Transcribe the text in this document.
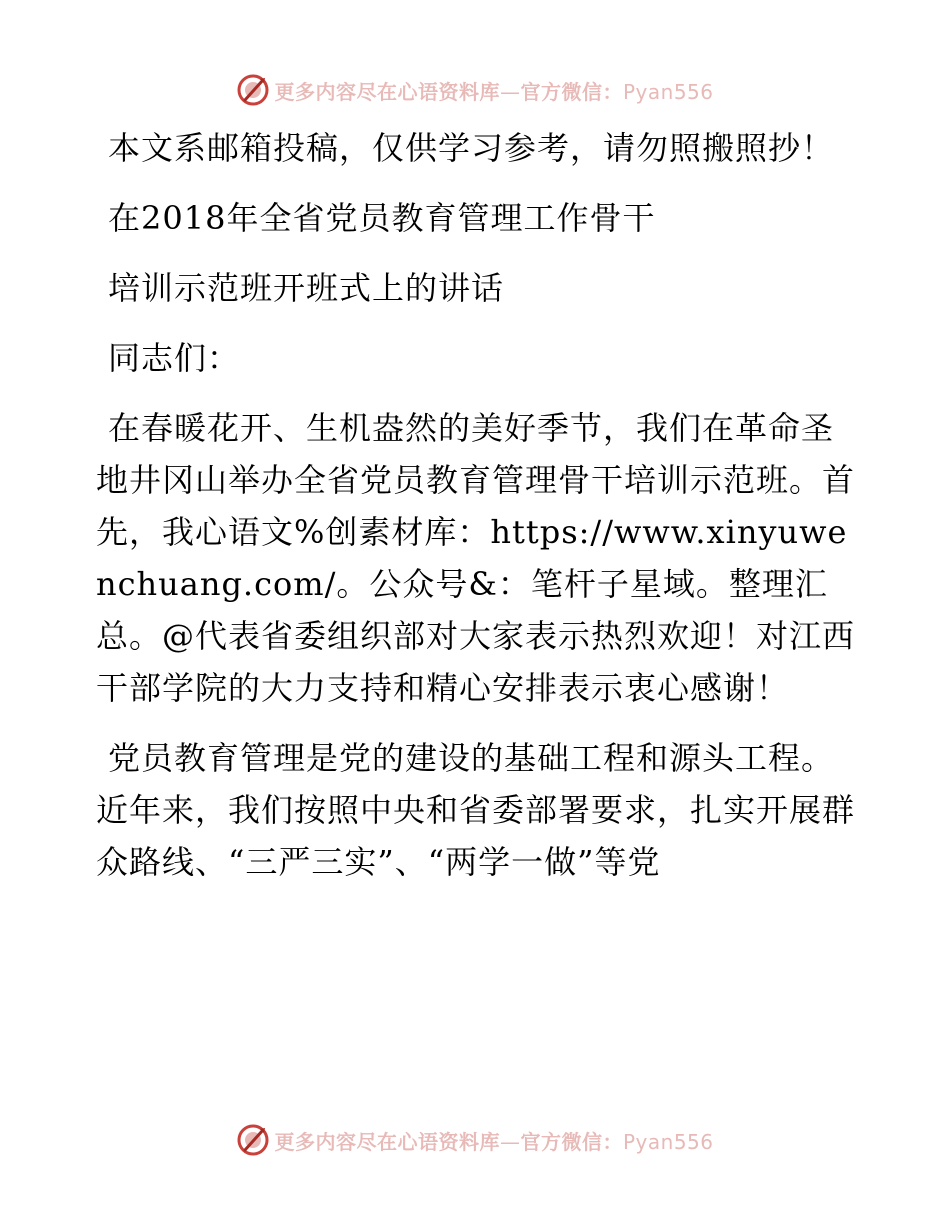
更多内容尽在心语资料库—官方微信：Pyan556

本文系邮箱投稿，仅供学习参考，请勿照搬照抄！

在2018年全省党员教育管理工作骨干

培训示范班开班式上的讲话

同志们：

在春暖花开、生机盎然的美好季节，我们在革命圣地井冈山举办全省党员教育管理骨干培训示范班。首先，我心语文%创素材库：https://www.xinyuwenchuang.com/。公众号&：笔杆子星域。整理汇总。@代表省委组织部对大家表示热烈欢迎！对江西干部学院的大力支持和精心安排表示衷心感谢！

党员教育管理是党的建设的基础工程和源头工程。近年来，我们按照中央和省委部署要求，扎实开展群众路线、“三严三实”、“两学一做”等党

更多内容尽在心语资料库—官方微信：Pyan556
